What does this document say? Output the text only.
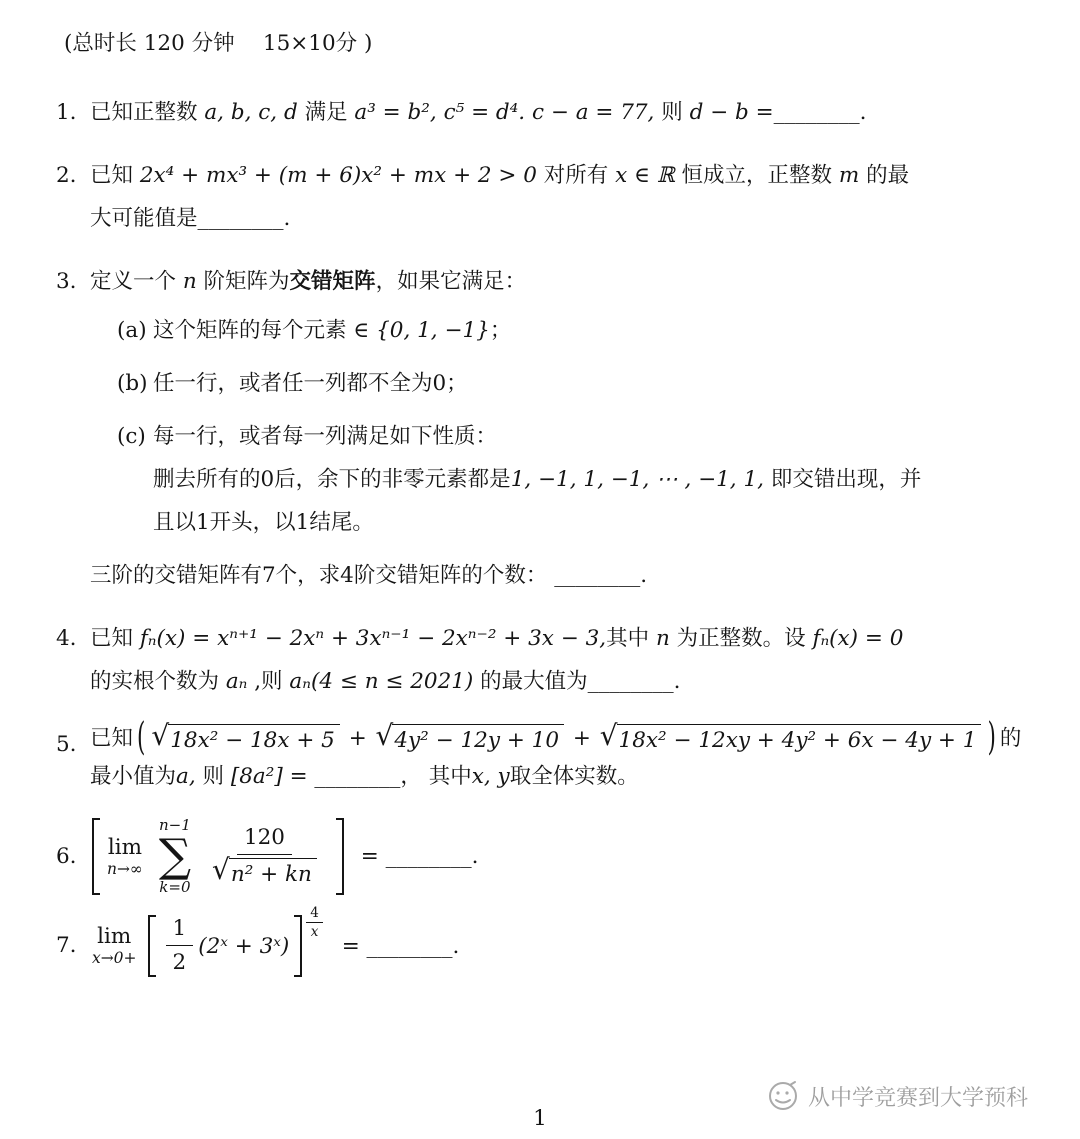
(总时长 120 分钟　 15×10分 )
1. 已知正整数 a, b, c, d 满足 a³ = b², c⁵ = d⁴. c − a = 77, 则 d − b =________.
2. 已知 2x⁴ + mx³ + (m + 6)x² + mx + 2 > 0 对所有 x ∈ ℝ 恒成立，正整数 m 的最
大可能值是________.
3. 定义一个 n 阶矩阵为交错矩阵，如果它满足：
(a) 这个矩阵的每个元素 ∈ {0, 1, −1}；
(b) 任一行，或者任一列都不全为0；
(c) 每一行，或者每一列满足如下性质：
删去所有的0后，余下的非零元素都是1, −1, 1, −1, ⋯ , −1, 1, 即交错出现，并
且以1开头，以1结尾。
三阶的交错矩阵有7个，求4阶交错矩阵的个数： ________.
4. 已知 fₙ(x) = xⁿ⁺¹ − 2xⁿ + 3xⁿ⁻¹ − 2xⁿ⁻² + 3x − 3,其中 n 为正整数。设 fₙ(x) = 0
的实根个数为 aₙ ,则 aₙ(4 ≤ n ≤ 2021) 的最大值为________.
5. 已知 ( √ 18x² − 18x + 5 + √ 4y² − 12y + 10 + √ 18x² − 12xy + 4y² + 6x − 4y + 1 ) 的
最小值为a, 则 [8a²] = ________， 其中x, y取全体实数。
6.	lim
n→∞
n−1
∑
$k=0 \frac{120}{\text{√ n² + kn}}$ = ________.
7. lim
$x\to 0+ \frac{1}{2}$ (2ˣ + 3ˣ)
$\frac{4}{x}$
= ________.
从中学竞赛到大学预科
1
